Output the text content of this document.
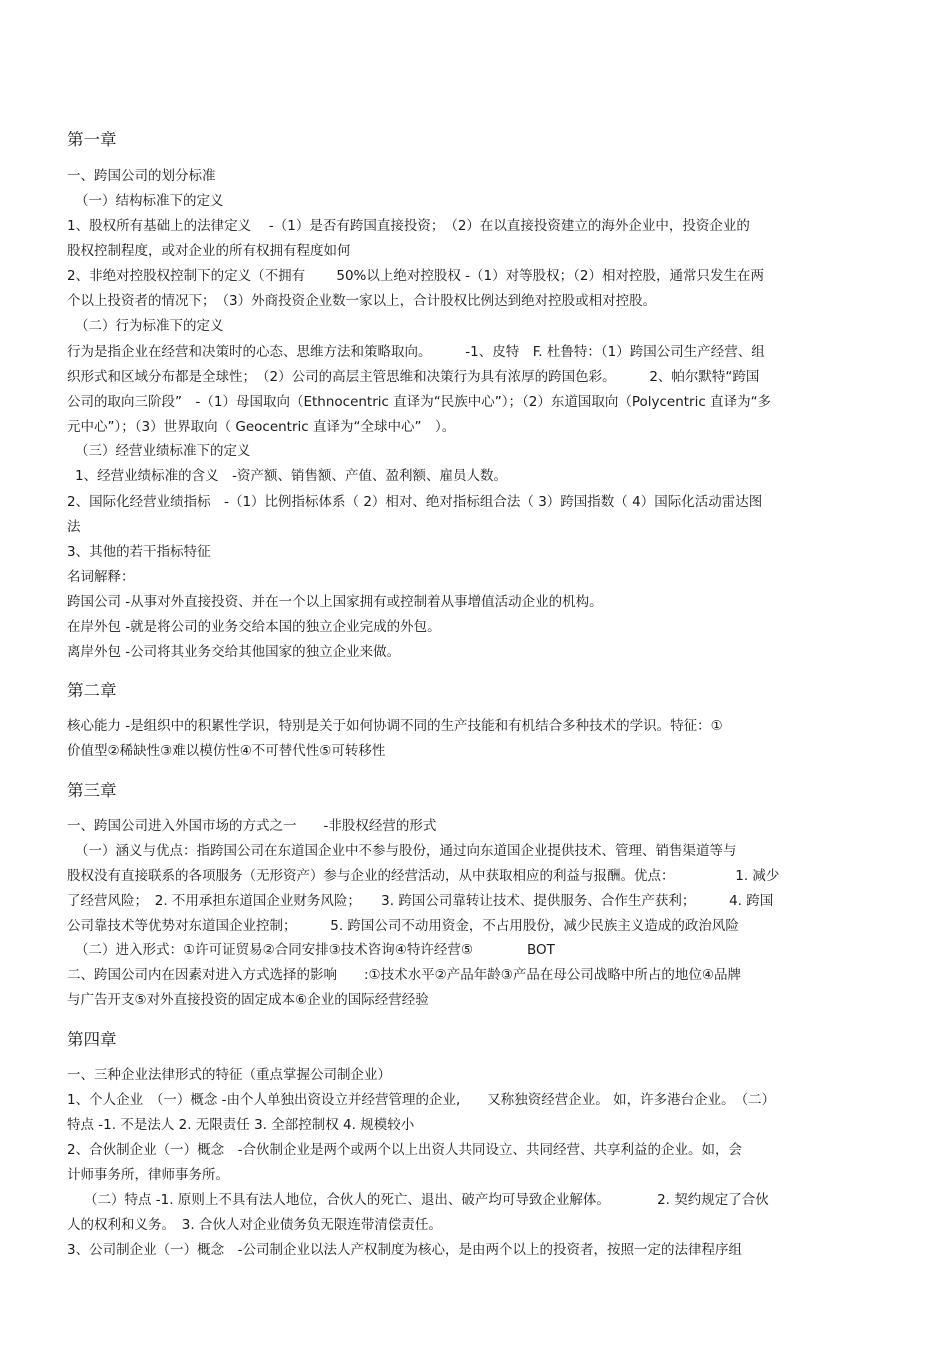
第一章
一、跨国公司的划分标准
（一）结构标准下的定义
1、股权所有基础上的法律定义　 -（1）是否有跨国直接投资；　（2）在以直接投资建立的海外企业中，投资企业的
股权控制程度，或对企业的所有权拥有程度如何
2、非绝对控股权控制下的定义（不拥有　　 50%以上绝对控股权 -（1）对等股权；（2）相对控股，通常只发生在两
个以上投资者的情况下；　（3）外商投资企业数一家以上，合计股权比例达到绝对控股或相对控股。
（二）行为标准下的定义
行为是指企业在经营和决策时的心态、思维方法和策略取向。　　　-1、皮特　F. 杜鲁特：（1）跨国公司生产经营、组
织形式和区域分布都是全球性；　（2）公司的高层主管思维和决策行为具有浓厚的跨国色彩。　　　2、帕尔默特“跨国
公司的取向三阶段”　-（1）母国取向（Ethnocentric 直译为“民族中心”）；（2）东道国取向（Polycentric 直译为“多
元中心”）；（3）世界取向（ Geocentric 直译为“全球中心”　）。
（三）经营业绩标准下的定义
1、经营业绩标准的含义　-资产额、销售额、产值、盈利额、雇员人数。
2、国际化经营业绩指标　-（1）比例指标体系（ 2）相对、绝对指标组合法（ 3）跨国指数（ 4）国际化活动雷达图
法
3、其他的若干指标特征
名词解释：
跨国公司 -从事对外直接投资、并在一个以上国家拥有或控制着从事增值活动企业的机构。
在岸外包 -就是将公司的业务交给本国的独立企业完成的外包。
离岸外包 -公司将其业务交给其他国家的独立企业来做。
第二章
核心能力 -是组织中的积累性学识，特别是关于如何协调不同的生产技能和有机结合多种技术的学识。特征：①
价值型②稀缺性③难以模仿性④不可替代性⑤可转移性
第三章
一、跨国公司进入外国市场的方式之一　　-非股权经营的形式
（一）涵义与优点：指跨国公司在东道国企业中不参与股份，通过向东道国企业提供技术、管理、销售渠道等与
股权没有直接联系的各项服务（无形资产）参与企业的经营活动，从中获取相应的利益与报酬。优点：　　　　　1. 减少
了经营风险；　2. 不用承担东道国企业财务风险；　　3. 跨国公司靠转让技术、提供服务、合作生产获利；　　　4. 跨国
公司靠技术等优势对东道国企业控制；　　　5. 跨国公司不动用资金，不占用股份，减少民族主义造成的政治风险
（二）进入形式：①许可证贸易②合同安排③技术咨询④特许经营⑤　　　　BOT
二、跨国公司内在因素对进入方式选择的影响　　:①技术水平②产品年龄③产品在母公司战略中所占的地位④品牌
与广告开支⑤对外直接投资的固定成本⑥企业的国际经营经验
第四章
一、三种企业法律形式的特征（重点掌握公司制企业）
1、个人企业　（一）概念 -由个人单独出资设立并经营管理的企业,　　又称独资经营企业。 如，许多港台企业。　（二）
特点 -1. 不是法人 2. 无限责任 3. 全部控制权 4. 规模较小
2、合伙制企业（一）概念　-合伙制企业是两个或两个以上出资人共同设立、共同经营、共享利益的企业。如，会
计师事务所，律师事务所。
（二）特点 -1. 原则上不具有法人地位，合伙人的死亡、退出、破产均可导致企业解体。　　　　2. 契约规定了合伙
人的权利和义务。　3. 合伙人对企业债务负无限连带清偿责任。
3、公司制企业（一）概念　-公司制企业以法人产权制度为核心，是由两个以上的投资者，按照一定的法律程序组
